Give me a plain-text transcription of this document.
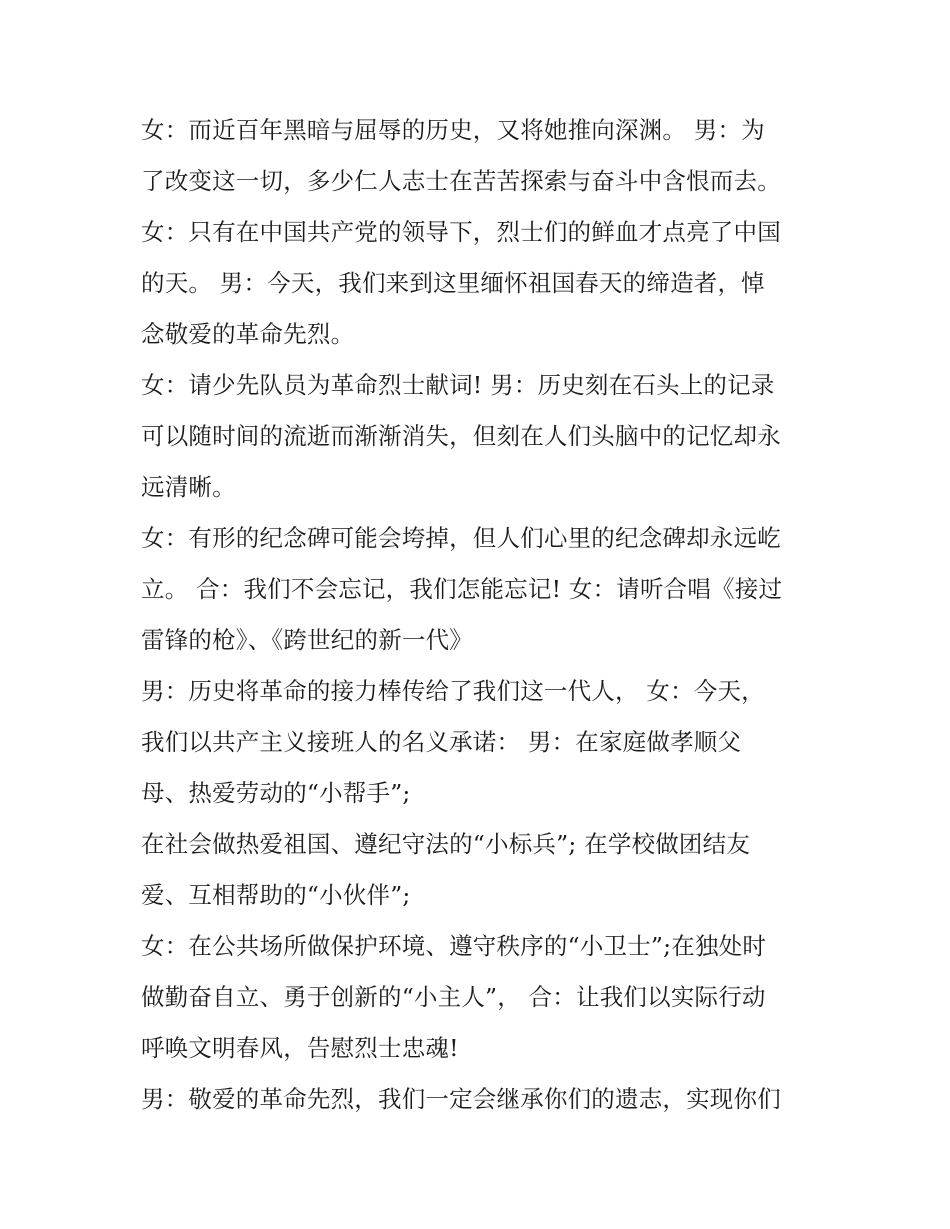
女：而近百年黑暗与屈辱的历史，又将她推向深渊。 男：为
了改变这一切，多少仁人志士在苦苦探索与奋斗中含恨而去。
女：只有在中国共产党的领导下，烈士们的鲜血才点亮了中国
的天。 男：今天，我们来到这里缅怀祖国春天的缔造者，悼
念敬爱的革命先烈。
女：请少先队员为革命烈士献词! 男：历史刻在石头上的记录
可以随时间的流逝而渐渐消失，但刻在人们头脑中的记忆却永
远清晰。
女：有形的纪念碑可能会垮掉，但人们心里的纪念碑却永远屹
立。 合：我们不会忘记，我们怎能忘记! 女：请听合唱《接过
雷锋的枪》、《跨世纪的新一代》
男：历史将革命的接力棒传给了我们这一代人， 女：今天，
我们以共产主义接班人的名义承诺： 男：在家庭做孝顺父
母、热爱劳动的“小帮手”;
在社会做热爱祖国、遵纪守法的“小标兵”; 在学校做团结友
爱、互相帮助的“小伙伴”;
女：在公共场所做保护环境、遵守秩序的“小卫士”;在独处时
做勤奋自立、勇于创新的“小主人”， 合：让我们以实际行动
呼唤文明春风，告慰烈士忠魂!
男：敬爱的革命先烈，我们一定会继承你们的遗志，实现你们
